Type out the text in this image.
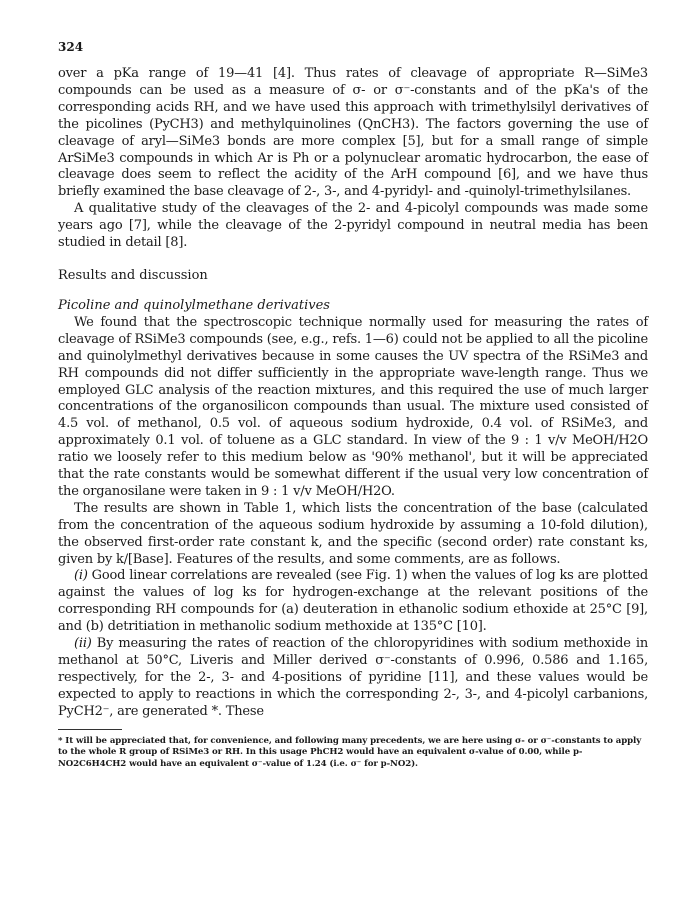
324

over a pKa range of 19—41 [4]. Thus rates of cleavage of appropriate R—SiMe3 compounds can be used as a measure of σ- or σ⁻-constants and of the pKa's of the corresponding acids RH, and we have used this approach with trimethylsilyl derivatives of the picolines (PyCH3) and methylquinolines (QnCH3). The factors governing the use of cleavage of aryl—SiMe3 bonds are more complex [5], but for a small range of simple ArSiMe3 compounds in which Ar is Ph or a polynuclear aromatic hydrocarbon, the ease of cleavage does seem to reflect the acidity of the ArH compound [6], and we have thus briefly examined the base cleavage of 2-, 3-, and 4-pyridyl- and -quinolyl-trimethylsilanes.

A qualitative study of the cleavages of the 2- and 4-picolyl compounds was made some years ago [7], while the cleavage of the 2-pyridyl compound in neutral media has been studied in detail [8].

Results and discussion

Picoline and quinolylmethane derivatives

We found that the spectroscopic technique normally used for measuring the rates of cleavage of RSiMe3 compounds (see, e.g., refs. 1—6) could not be applied to all the picoline and quinolylmethyl derivatives because in some causes the UV spectra of the RSiMe3 and RH compounds did not differ sufficiently in the appropriate wave-length range. Thus we employed GLC analysis of the reaction mixtures, and this required the use of much larger concentrations of the organosilicon compounds than usual. The mixture used consisted of 4.5 vol. of methanol, 0.5 vol. of aqueous sodium hydroxide, 0.4 vol. of RSiMe3, and approximately 0.1 vol. of toluene as a GLC standard. In view of the 9 : 1 v/v MeOH/H2O ratio we loosely refer to this medium below as '90% methanol', but it will be appreciated that the rate constants would be somewhat different if the usual very low concentration of the organosilane were taken in 9 : 1 v/v MeOH/H2O.

The results are shown in Table 1, which lists the concentration of the base (calculated from the concentration of the aqueous sodium hydroxide by assuming a 10-fold dilution), the observed first-order rate constant k, and the specific (second order) rate constant ks, given by k/[Base]. Features of the results, and some comments, are as follows.

(i) Good linear correlations are revealed (see Fig. 1) when the values of log ks are plotted against the values of log ks for hydrogen-exchange at the relevant positions of the corresponding RH compounds for (a) deuteration in ethanolic sodium ethoxide at 25°C [9], and (b) detritiation in methanolic sodium methoxide at 135°C [10].

(ii) By measuring the rates of reaction of the chloropyridines with sodium methoxide in methanol at 50°C, Liveris and Miller derived σ⁻-constants of 0.996, 0.586 and 1.165, respectively, for the 2-, 3- and 4-positions of pyridine [11], and these values would be expected to apply to reactions in which the corresponding 2-, 3-, and 4-picolyl carbanions, PyCH2⁻, are generated *. These

* It will be appreciated that, for convenience, and following many precedents, we are here using σ- or σ⁻-constants to apply to the whole R group of RSiMe3 or RH. In this usage PhCH2 would have an equivalent σ-value of 0.00, while p-NO2C6H4CH2 would have an equivalent σ⁻-value of 1.24 (i.e. σ⁻ for p-NO2).
